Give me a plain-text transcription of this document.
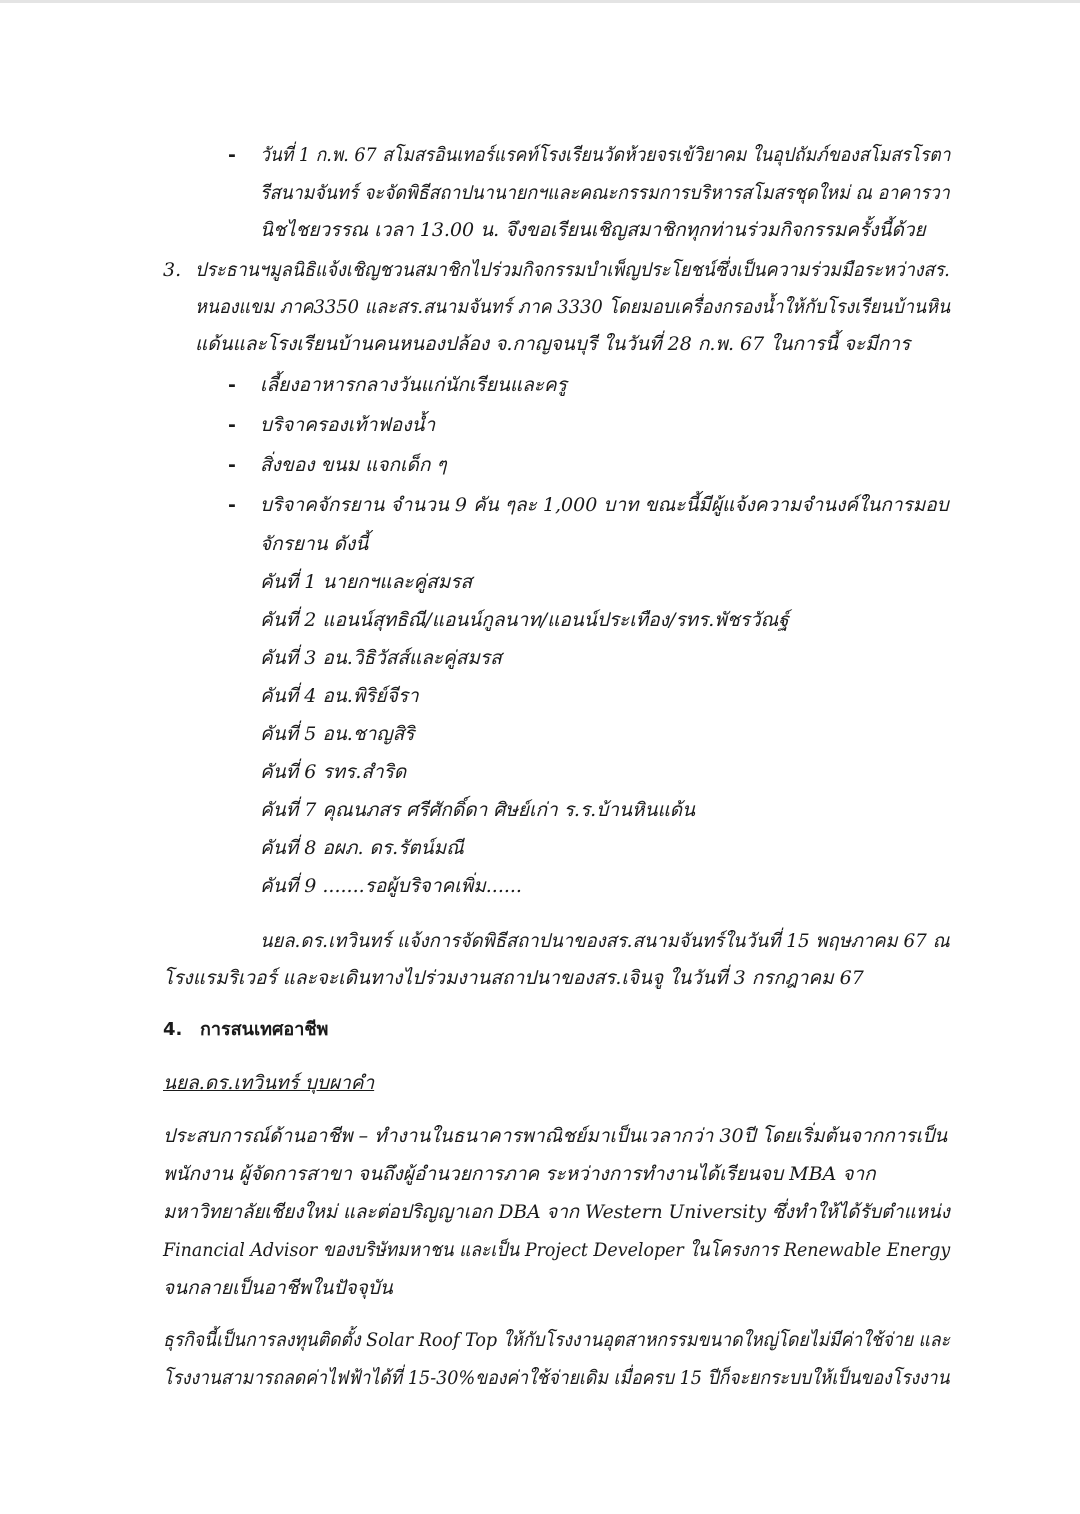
- วันที่ 1 ก.พ. 67 สโมสรอินเทอร์แรคท์โรงเรียนวัดห้วยจรเข้วิยาคม ในอุปถัมภ์ของสโมสรโรตา
รีสนามจันทร์ จะจัดพิธีสถาปนานายกฯและคณะกรรมการบริหารสโมสรชุดใหม่ ณ อาคารวา
นิชไชยวรรณ เวลา 13.00 น. จึงขอเรียนเชิญสมาชิกทุกท่านร่วมกิจกรรมครั้งนี้ด้วย
3. ประธานฯมูลนิธิแจ้งเชิญชวนสมาชิกไปร่วมกิจกรรมบำเพ็ญประโยชน์ซึ่งเป็นความร่วมมือระหว่างสร.
หนองแขม ภาค3350 และสร.สนามจันทร์ ภาค 3330 โดยมอบเครื่องกรองน้ำให้กับโรงเรียนบ้านหิน
แด้นและโรงเรียนบ้านคนหนองปล้อง จ.กาญจนบุรี ในวันที่ 28 ก.พ. 67 ในการนี้ จะมีการ
- เลี้ยงอาหารกลางวันแก่นักเรียนและครู
- บริจาครองเท้าฟองน้ำ
- สิ่งของ ขนม แจกเด็ก ๆ
- บริจาคจักรยาน จำนวน 9 คัน ๆละ 1,000 บาท ขณะนี้มีผู้แจ้งความจำนงค์ในการมอบ
จักรยาน ดังนี้
คันที่ 1 นายกฯและคู่สมรส
คันที่ 2 แอนน์สุทธิณี/แอนน์กูลนาท/แอนน์ประเทือง/รทร.พัชรวัณฐ์
คันที่ 3 อน.วิธิวัสส์และคู่สมรส
คันที่ 4 อน.พิริย์จีรา
คันที่ 5 อน.ชาญสิริ
คันที่ 6 รทร.สำริด
คันที่ 7 คุณนภสร ศรีศักดิ์ดา ศิษย์เก่า ร.ร.บ้านหินแด้น
คันที่ 8 อผภ. ดร.รัตน์มณี
คันที่ 9 .......รอผู้บริจาคเพิ่ม......
นยล.ดร.เทวินทร์ แจ้งการจัดพิธีสถาปนาของสร.สนามจันทร์ในวันที่ 15 พฤษภาคม 67 ณ
โรงแรมริเวอร์ และจะเดินทางไปร่วมงานสถาปนาของสร.เจินจู ในวันที่ 3 กรกฎาคม 67
4. การสนเทศอาชีพ
นยล.ดร.เทวินทร์ บุบผาคำ
ประสบการณ์ด้านอาชีพ – ทำงานในธนาคารพาณิชย์มาเป็นเวลากว่า 30ปี โดยเริ่มต้นจากการเป็น
พนักงาน ผู้จัดการสาขา จนถึงผู้อำนวยการภาค ระหว่างการทำงานได้เรียนจบ MBA จาก
มหาวิทยาลัยเชียงใหม่ และต่อปริญญาเอก DBA จาก Western University ซึ่งทำให้ได้รับตำแหน่ง
Financial Advisor ของบริษัทมหาชน และเป็น Project Developer ในโครงการ Renewable Energy
จนกลายเป็นอาชีพในปัจจุบัน
ธุรกิจนี้เป็นการลงทุนติดตั้ง Solar Roof Top ให้กับโรงงานอุตสาหกรรมขนาดใหญ่โดยไม่มีค่าใช้จ่าย และ
โรงงานสามารถลดค่าไฟฟ้าได้ที่ 15-30%ของค่าใช้จ่ายเดิม เมื่อครบ 15 ปีก็จะยกระบบให้เป็นของโรงงาน
